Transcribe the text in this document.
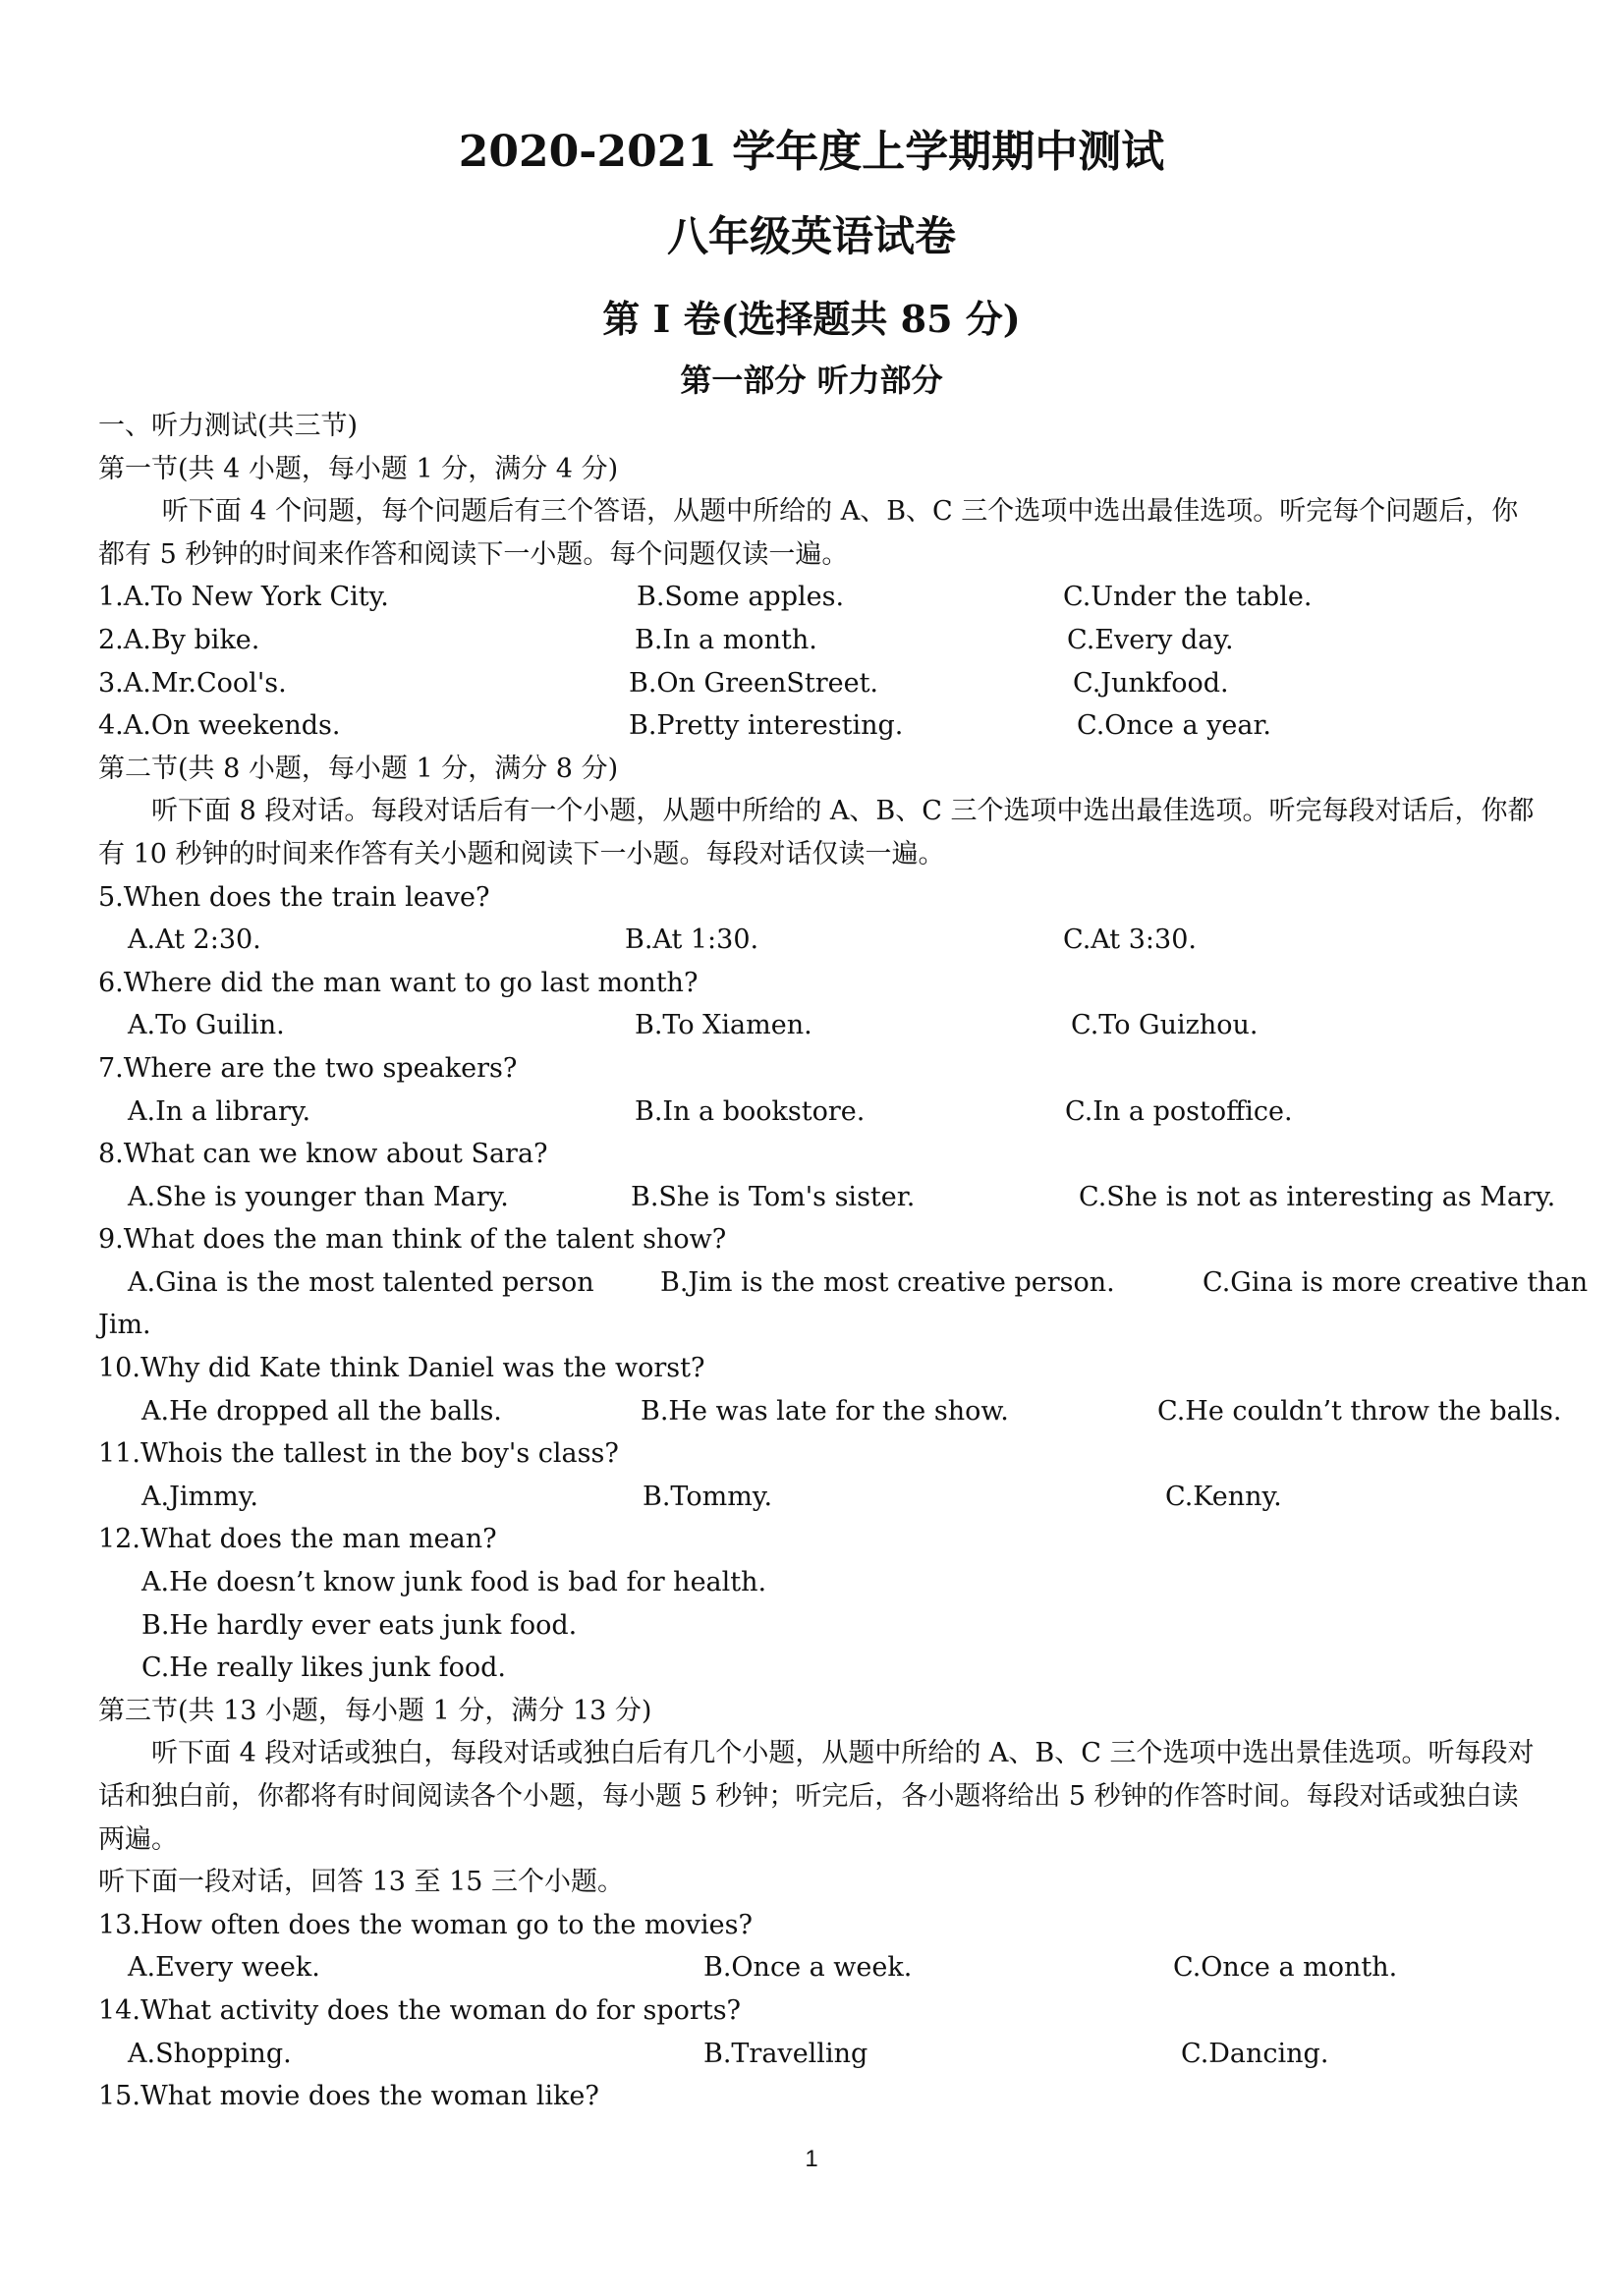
2020-2021 学年度上学期期中测试
八年级英语试卷
第 I 卷(选择题共 85 分)
第一部分 听力部分
一、听力测试(共三节)
第一节(共 4 小题，每小题 1 分，满分 4 分)

听下面 4 个问题，每个问题后有三个答语，从题中所给的 A、B、C 三个选项中选出最佳选项。听完每个问题后，你都有 5 秒钟的时间来作答和阅读下一小题。每个问题仅读一遍。

1.A.To New York City.	B.Some apples.	C.Under the table.
2.A.By bike.	B.In a month.	C.Every day.
3.A.Mr.Cool's.	B.On GreenStreet.	C.Junkfood.
4.A.On weekends.	B.Pretty interesting.	C.Once a year.
第二节(共 8 小题，每小题 1 分，满分 8 分)

听下面 8 段对话。每段对话后有一个小题，从题中所给的 A、B、C 三个选项中选出最佳选项。听完每段对话后，你都有 10 秒钟的时间来作答有关小题和阅读下一小题。每段对话仅读一遍。

5.When does the train leave?
A.At 2:30.	B.At 1:30.	C.At 3:30.
6.Where did the man want to go last month?
A.To Guilin.	B.To Xiamen.	C.To Guizhou.
7.Where are the two speakers?
A.In a library.	B.In a bookstore.	C.In a postoffice.
8.What can we know about Sara?
A.She is younger than Mary.	B.She is Tom's sister.	C.She is not as interesting as Mary.
9.What does the man think of the talent show?
A.Gina is the most talented person B.Jim is the most creative person.	C.Gina is more creative than
Jim.
10.Why did Kate think Daniel was the worst?
A.He dropped all the balls.	B.He was late for the show.	C.He couldn’t throw the balls.
11.Whois the tallest in the boy's class?
A.Jimmy.	B.Tommy.	C.Kenny.
12.What does the man mean?
A.He doesn’t know junk food is bad for health.
B.He hardly ever eats junk food.
C.He really likes junk food.
第三节(共 13 小题，每小题 1 分，满分 13 分)

听下面 4 段对话或独白，每段对话或独白后有几个小题，从题中所给的 A、B、C 三个选项中选出景佳选项。听每段对话和独白前，你都将有时间阅读各个小题，每小题 5 秒钟；听完后，各小题将给出 5 秒钟的作答时间。每段对话或独白读两遍。

听下面一段对话，回答 13 至 15 三个小题。
13.How often does the woman go to the movies?
A.Every week.	B.Once a week.	C.Once a month.
14.What activity does the woman do for sports?
A.Shopping.	B.Travelling	C.Dancing.
15.What movie does the woman like?
1
